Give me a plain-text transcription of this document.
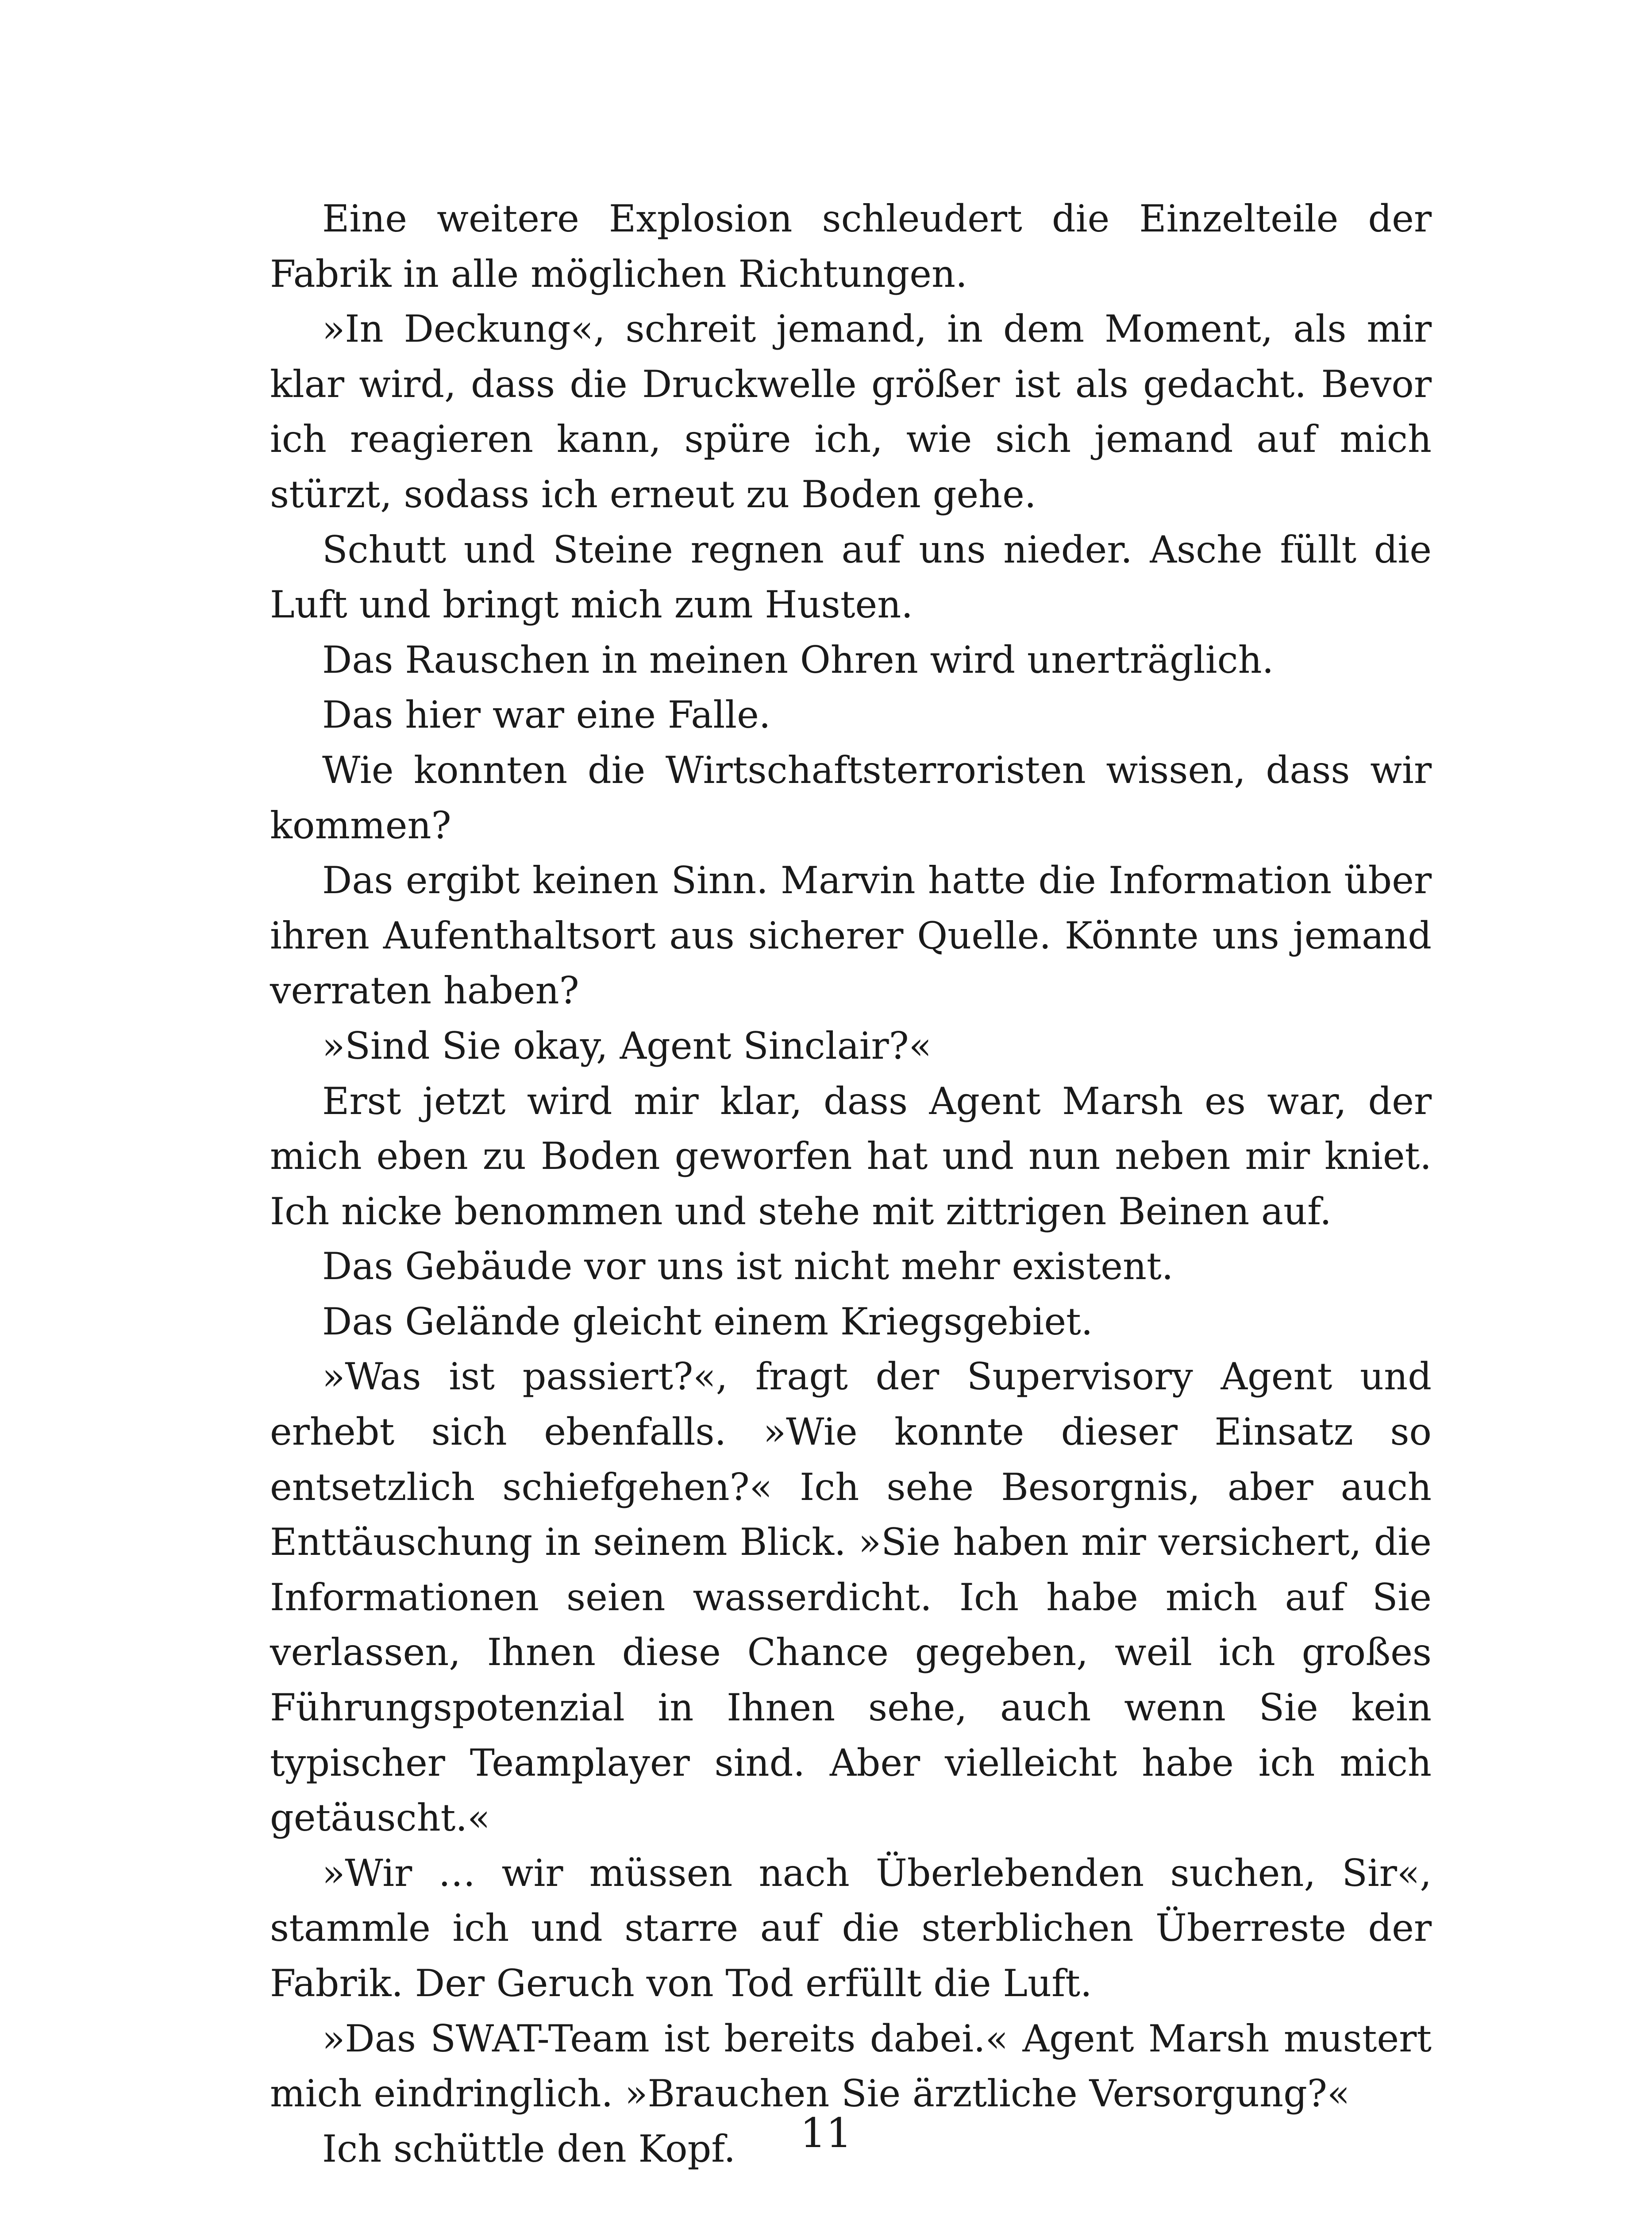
Eine weitere Explosion schleudert die Einzelteile der Fabrik in alle möglichen Richtungen.

»In Deckung«, schreit jemand, in dem Moment, als mir klar wird, dass die Druckwelle größer ist als gedacht. Bevor ich reagieren kann, spüre ich, wie sich jemand auf mich stürzt, sodass ich erneut zu Boden gehe.

Schutt und Steine regnen auf uns nieder. Asche füllt die Luft und bringt mich zum Husten.

Das Rauschen in meinen Ohren wird unerträglich.

Das hier war eine Falle.

Wie konnten die Wirtschaftsterroristen wissen, dass wir kommen?

Das ergibt keinen Sinn. Marvin hatte die Information über ihren Aufenthaltsort aus sicherer Quelle. Könnte uns jemand verraten haben?

»Sind Sie okay, Agent Sinclair?«

Erst jetzt wird mir klar, dass Agent Marsh es war, der mich eben zu Boden geworfen hat und nun neben mir kniet. Ich nicke benommen und stehe mit zittrigen Beinen auf.

Das Gebäude vor uns ist nicht mehr existent.

Das Gelände gleicht einem Kriegsgebiet.

»Was ist passiert?«, fragt der Supervisory Agent und erhebt sich ebenfalls. »Wie konnte dieser Einsatz so entsetzlich schiefgehen?« Ich sehe Besorgnis, aber auch Enttäuschung in seinem Blick. »Sie haben mir versichert, die Informationen seien wasserdicht. Ich habe mich auf Sie verlassen, Ihnen diese Chance gegeben, weil ich großes Führungspotenzial in Ihnen sehe, auch wenn Sie kein typischer Teamplayer sind. Aber vielleicht habe ich mich getäuscht.«

»Wir … wir müssen nach Überlebenden suchen, Sir«, stammle ich und starre auf die sterblichen Überreste der Fabrik. Der Geruch von Tod erfüllt die Luft.

»Das SWAT-Team ist bereits dabei.« Agent Marsh mustert mich eindringlich. »Brauchen Sie ärztliche Versorgung?«

Ich schüttle den Kopf.	11
